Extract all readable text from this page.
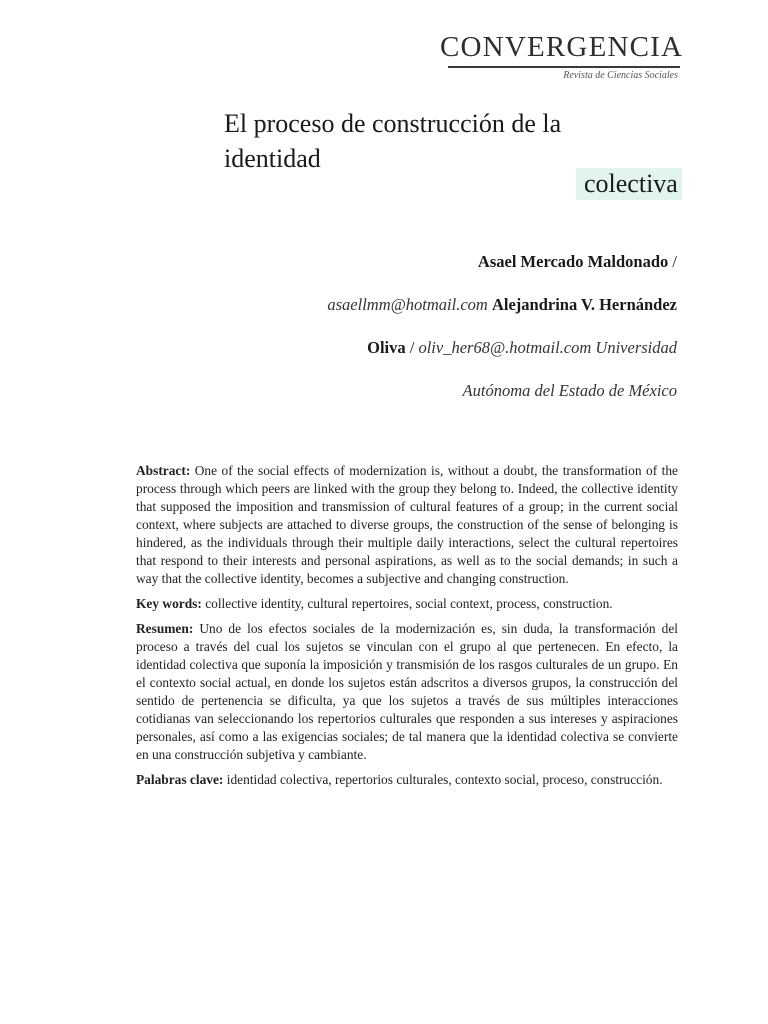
CONVERGENCIA
Revista de Ciencias Sociales
El proceso de construcción de la
identidad
colectiva
Asael Mercado Maldonado /
asaellmm@hotmail.com Alejandrina V. Hernández
Oliva / oliv_her68@.hotmail.com Universidad
Autónoma del Estado de México

Abstract: One of the social effects of modernization is, without a doubt, the transformation of the process through which peers are linked with the group they belong to. Indeed, the collective identity that supposed the imposition and transmission of cultural features of a group; in the current social context, where subjects are attached to diverse groups, the construction of the sense of belonging is hindered, as the individuals through their multiple daily interactions, select the cultural repertoires that respond to their interests and personal aspirations, as well as to the social demands; in such a way that the collective identity, becomes a subjective and changing construction.

Key words: collective identity, cultural repertoires, social context, process, construction.

Resumen: Uno de los efectos sociales de la modernización es, sin duda, la transformación del proceso a través del cual los sujetos se vinculan con el grupo al que pertenecen. En efecto, la identidad colectiva que suponía la imposición y transmisión de los rasgos culturales de un grupo. En el contexto social actual, en donde los sujetos están adscritos a diversos grupos, la construcción del sentido de pertenencia se dificulta, ya que los sujetos a través de sus múltiples interacciones cotidianas van seleccionando los repertorios culturales que responden a sus intereses y aspiraciones personales, así como a las exigencias sociales; de tal manera que la identidad colectiva se convierte en una construcción subjetiva y cambiante.

Palabras clave: identidad colectiva, repertorios culturales, contexto social, proceso, construcción.
